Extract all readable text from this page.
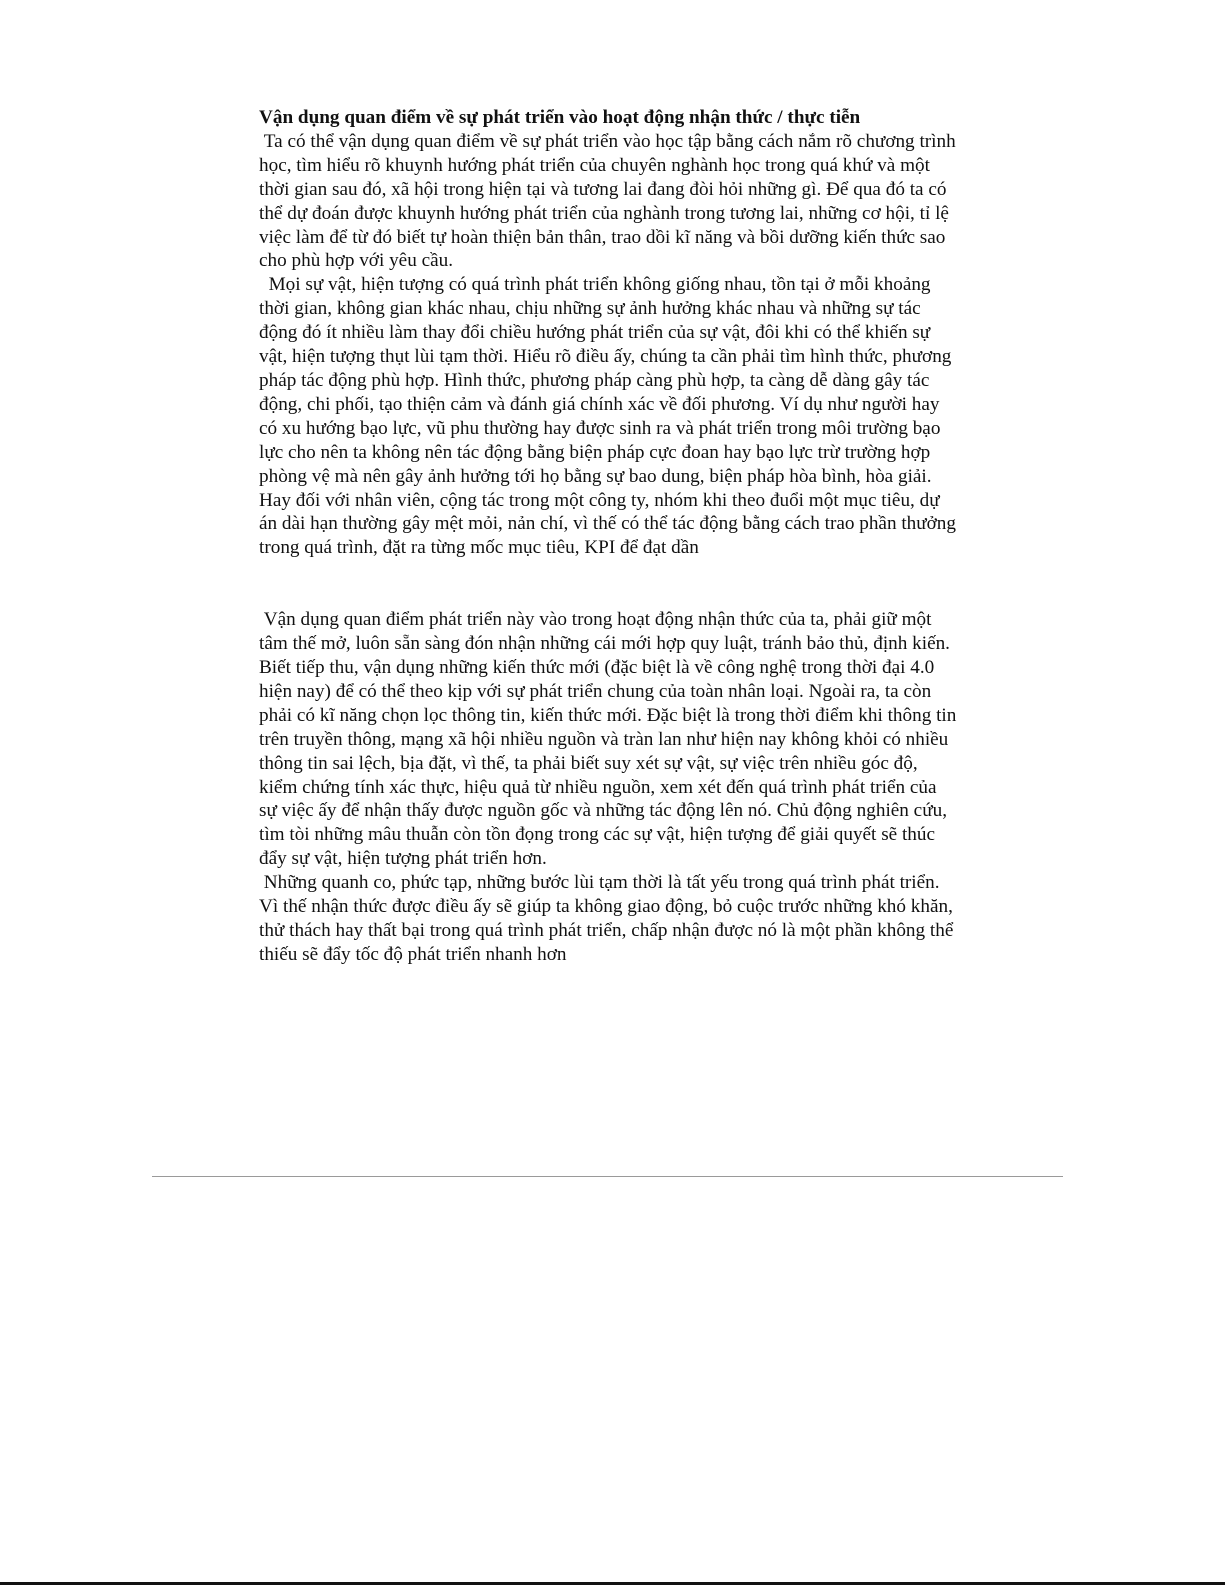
Vận dụng quan điểm về sự phát triển vào hoạt động nhận thức / thực tiễn

Ta có thể vận dụng quan điểm về sự phát triển vào học tập bằng cách nắm rõ chương trình học, tìm hiểu rõ khuynh hướng phát triển của chuyên nghành học trong quá khứ và một thời gian sau đó, xã hội trong hiện tại và tương lai đang đòi hỏi những gì. Để qua đó ta có thể dự đoán được khuynh hướng phát triển của nghành trong tương lai, những cơ hội, tỉ lệ việc làm để từ đó biết tự hoàn thiện bản thân, trao dồi kĩ năng và bồi dưỡng kiến thức sao cho phù hợp với yêu cầu.

Mọi sự vật, hiện tượng có quá trình phát triển không giống nhau, tồn tại ở mỗi khoảng thời gian, không gian khác nhau, chịu những sự ảnh hưởng khác nhau và những sự tác động đó ít nhiều làm thay đổi chiều hướng phát triển của sự vật, đôi khi có thể khiến sự vật, hiện tượng thụt lùi tạm thời. Hiểu rõ điều ấy, chúng ta cần phải tìm hình thức, phương pháp tác động phù hợp. Hình thức, phương pháp càng phù hợp, ta càng dễ dàng gây tác động, chi phối, tạo thiện cảm và đánh giá chính xác về đối phương. Ví dụ như người hay có xu hướng bạo lực, vũ phu thường hay được sinh ra và phát triển trong môi trường bạo lực cho nên ta không nên tác động bằng biện pháp cực đoan hay bạo lực trừ trường hợp phòng vệ mà nên gây ảnh hưởng tới họ bằng sự bao dung, biện pháp hòa bình, hòa giải. Hay đối với nhân viên, cộng tác trong một công ty, nhóm khi theo đuổi một mục tiêu, dự án dài hạn thường gây mệt mỏi, nản chí, vì thế có thể tác động bằng cách trao phần thưởng trong quá trình, đặt ra từng mốc mục tiêu, KPI để đạt dần

Vận dụng quan điểm phát triển này vào trong hoạt động nhận thức của ta, phải giữ một tâm thế mở, luôn sẵn sàng đón nhận những cái mới hợp quy luật, tránh bảo thủ, định kiến. Biết tiếp thu, vận dụng những kiến thức mới (đặc biệt là về công nghệ trong thời đại 4.0 hiện nay) để có thể theo kịp với sự phát triển chung của toàn nhân loại. Ngoài ra, ta còn phải có kĩ năng chọn lọc thông tin, kiến thức mới. Đặc biệt là trong thời điểm khi thông tin trên truyền thông, mạng xã hội nhiều nguồn và tràn lan như hiện nay không khỏi có nhiều thông tin sai lệch, bịa đặt, vì thế, ta phải biết suy xét sự vật, sự việc trên nhiều góc độ, kiểm chứng tính xác thực, hiệu quả từ nhiều nguồn, xem xét đến quá trình phát triển của sự việc ấy để nhận thấy được nguồn gốc và những tác động lên nó. Chủ động nghiên cứu, tìm tòi những mâu thuẫn còn tồn đọng trong các sự vật, hiện tượng để giải quyết sẽ thúc đẩy sự vật, hiện tượng phát triển hơn.

Những quanh co, phức tạp, những bước lùi tạm thời là tất yếu trong quá trình phát triển. Vì thế nhận thức được điều ấy sẽ giúp ta không giao động, bỏ cuộc trước những khó khăn, thử thách hay thất bại trong quá trình phát triển, chấp nhận được nó là một phần không thể thiếu sẽ đẩy tốc độ phát triển nhanh hơn
